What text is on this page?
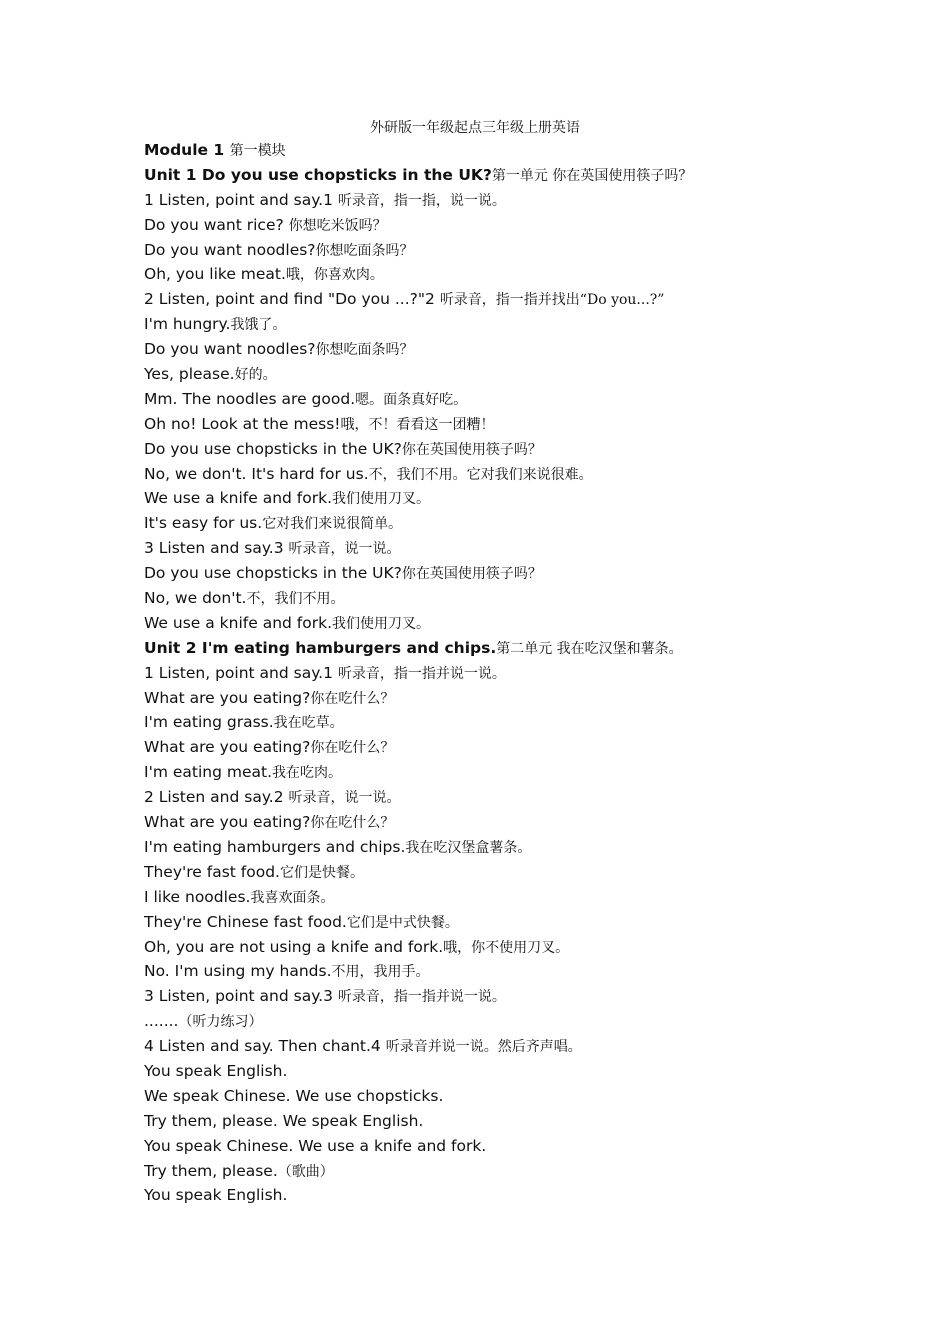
外研版一年级起点三年级上册英语
Module 1 第一模块
Unit 1 Do you use chopsticks in the UK?第一单元 你在英国使用筷子吗？
1 Listen, point and say.1 听录音，指一指，说一说。
Do you want rice? 你想吃米饭吗？
Do you want noodles?你想吃面条吗？
Oh, you like meat.哦，你喜欢肉。
2 Listen, point and find "Do you ...?"2 听录音，指一指并找出“Do you...?”
I'm hungry.我饿了。
Do you want noodles?你想吃面条吗？
Yes, please.好的。
Mm. The noodles are good.嗯。面条真好吃。
Oh no! Look at the mess!哦，不！看看这一团糟！
Do you use chopsticks in the UK?你在英国使用筷子吗？
No, we don't. It's hard for us.不，我们不用。它对我们来说很难。
We use a knife and fork.我们使用刀叉。
It's easy for us.它对我们来说很简单。
3 Listen and say.3 听录音，说一说。
Do you use chopsticks in the UK?你在英国使用筷子吗？
No, we don't.不，我们不用。
We use a knife and fork.我们使用刀叉。
Unit 2 I'm eating hamburgers and chips.第二单元 我在吃汉堡和薯条。
1 Listen, point and say.1 听录音，指一指并说一说。
What are you eating?你在吃什么？
I'm eating grass.我在吃草。
What are you eating?你在吃什么？
I'm eating meat.我在吃肉。
2 Listen and say.2 听录音，说一说。
What are you eating?你在吃什么？
I'm eating hamburgers and chips.我在吃汉堡盒薯条。
They're fast food.它们是快餐。
I like noodles.我喜欢面条。
They're Chinese fast food.它们是中式快餐。
Oh, you are not using a knife and fork.哦，你不使用刀叉。
No. I'm using my hands.不用，我用手。
3 Listen, point and say.3 听录音，指一指并说一说。
.......（听力练习）
4 Listen and say. Then chant.4 听录音并说一说。然后齐声唱。
You speak English.
We speak Chinese. We use chopsticks.
Try them, please. We speak English.
You speak Chinese. We use a knife and fork.
Try them, please.（歌曲）
You speak English.
